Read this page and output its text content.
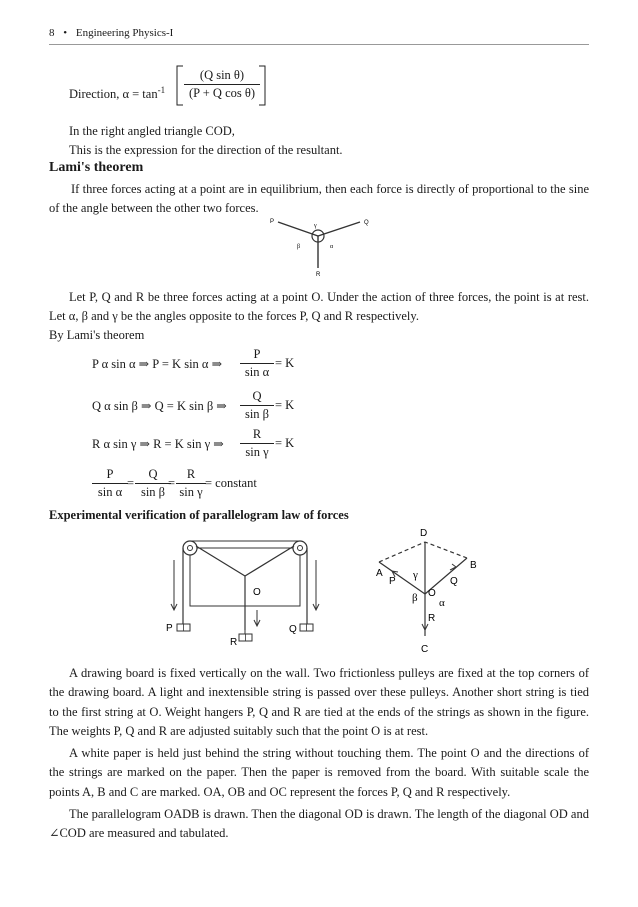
8 • Engineering Physics-I
Direction, $\alpha = \tan^{-1}$
(Q sin θ)
(P + Q cos θ)
In the right angled triangle COD,
This is the expression for the direction of the resultant.
Lami's theorem
If three forces acting at a point are in equilibrium, then each force is directly of proportional to the sine of the angle between the other two forces.
P	Q
R
γ
β	α
Let P, Q and R be three forces acting at a point O. Under the action of three forces, the point is at rest. Let α, β and γ be the angles opposite to the forces P, Q and R respectively.
By Lami's theorem
P α sin α ⇒ P = K sin α ⇒
P
sin α
= K
Q α sin β ⇒ Q = K sin β ⇒
Q
sin β
= K
R α sin γ ⇒ R = K sin γ ⇒
R
sin γ
= K
P
sin α
=
Q
sin β
=
R
sin γ
= constant
Experimental verification of parallelogram law of forces
O
P	Q
R
D
A
B
C
O
P	Q
R
γ
β α
A drawing board is fixed vertically on the wall. Two frictionless pulleys are fixed at the top corners of the drawing board. A light and inextensible string is passed over these pulleys. Another short string is tied to the first string at O. Weight hangers P, Q and R are tied at the ends of the strings as shown in the figure. The weights P, Q and R are adjusted suitably such that the point O is at rest.
A white paper is held just behind the string without touching them. The point O and the directions of the strings are marked on the paper. Then the paper is removed from the board. With suitable scale the points A, B and C are marked. OA, OB and OC represent the forces P, Q and R respectively.
The parallelogram OADB is drawn. Then the diagonal OD is drawn. The length of the diagonal OD and ∠COD are measured and tabulated.
